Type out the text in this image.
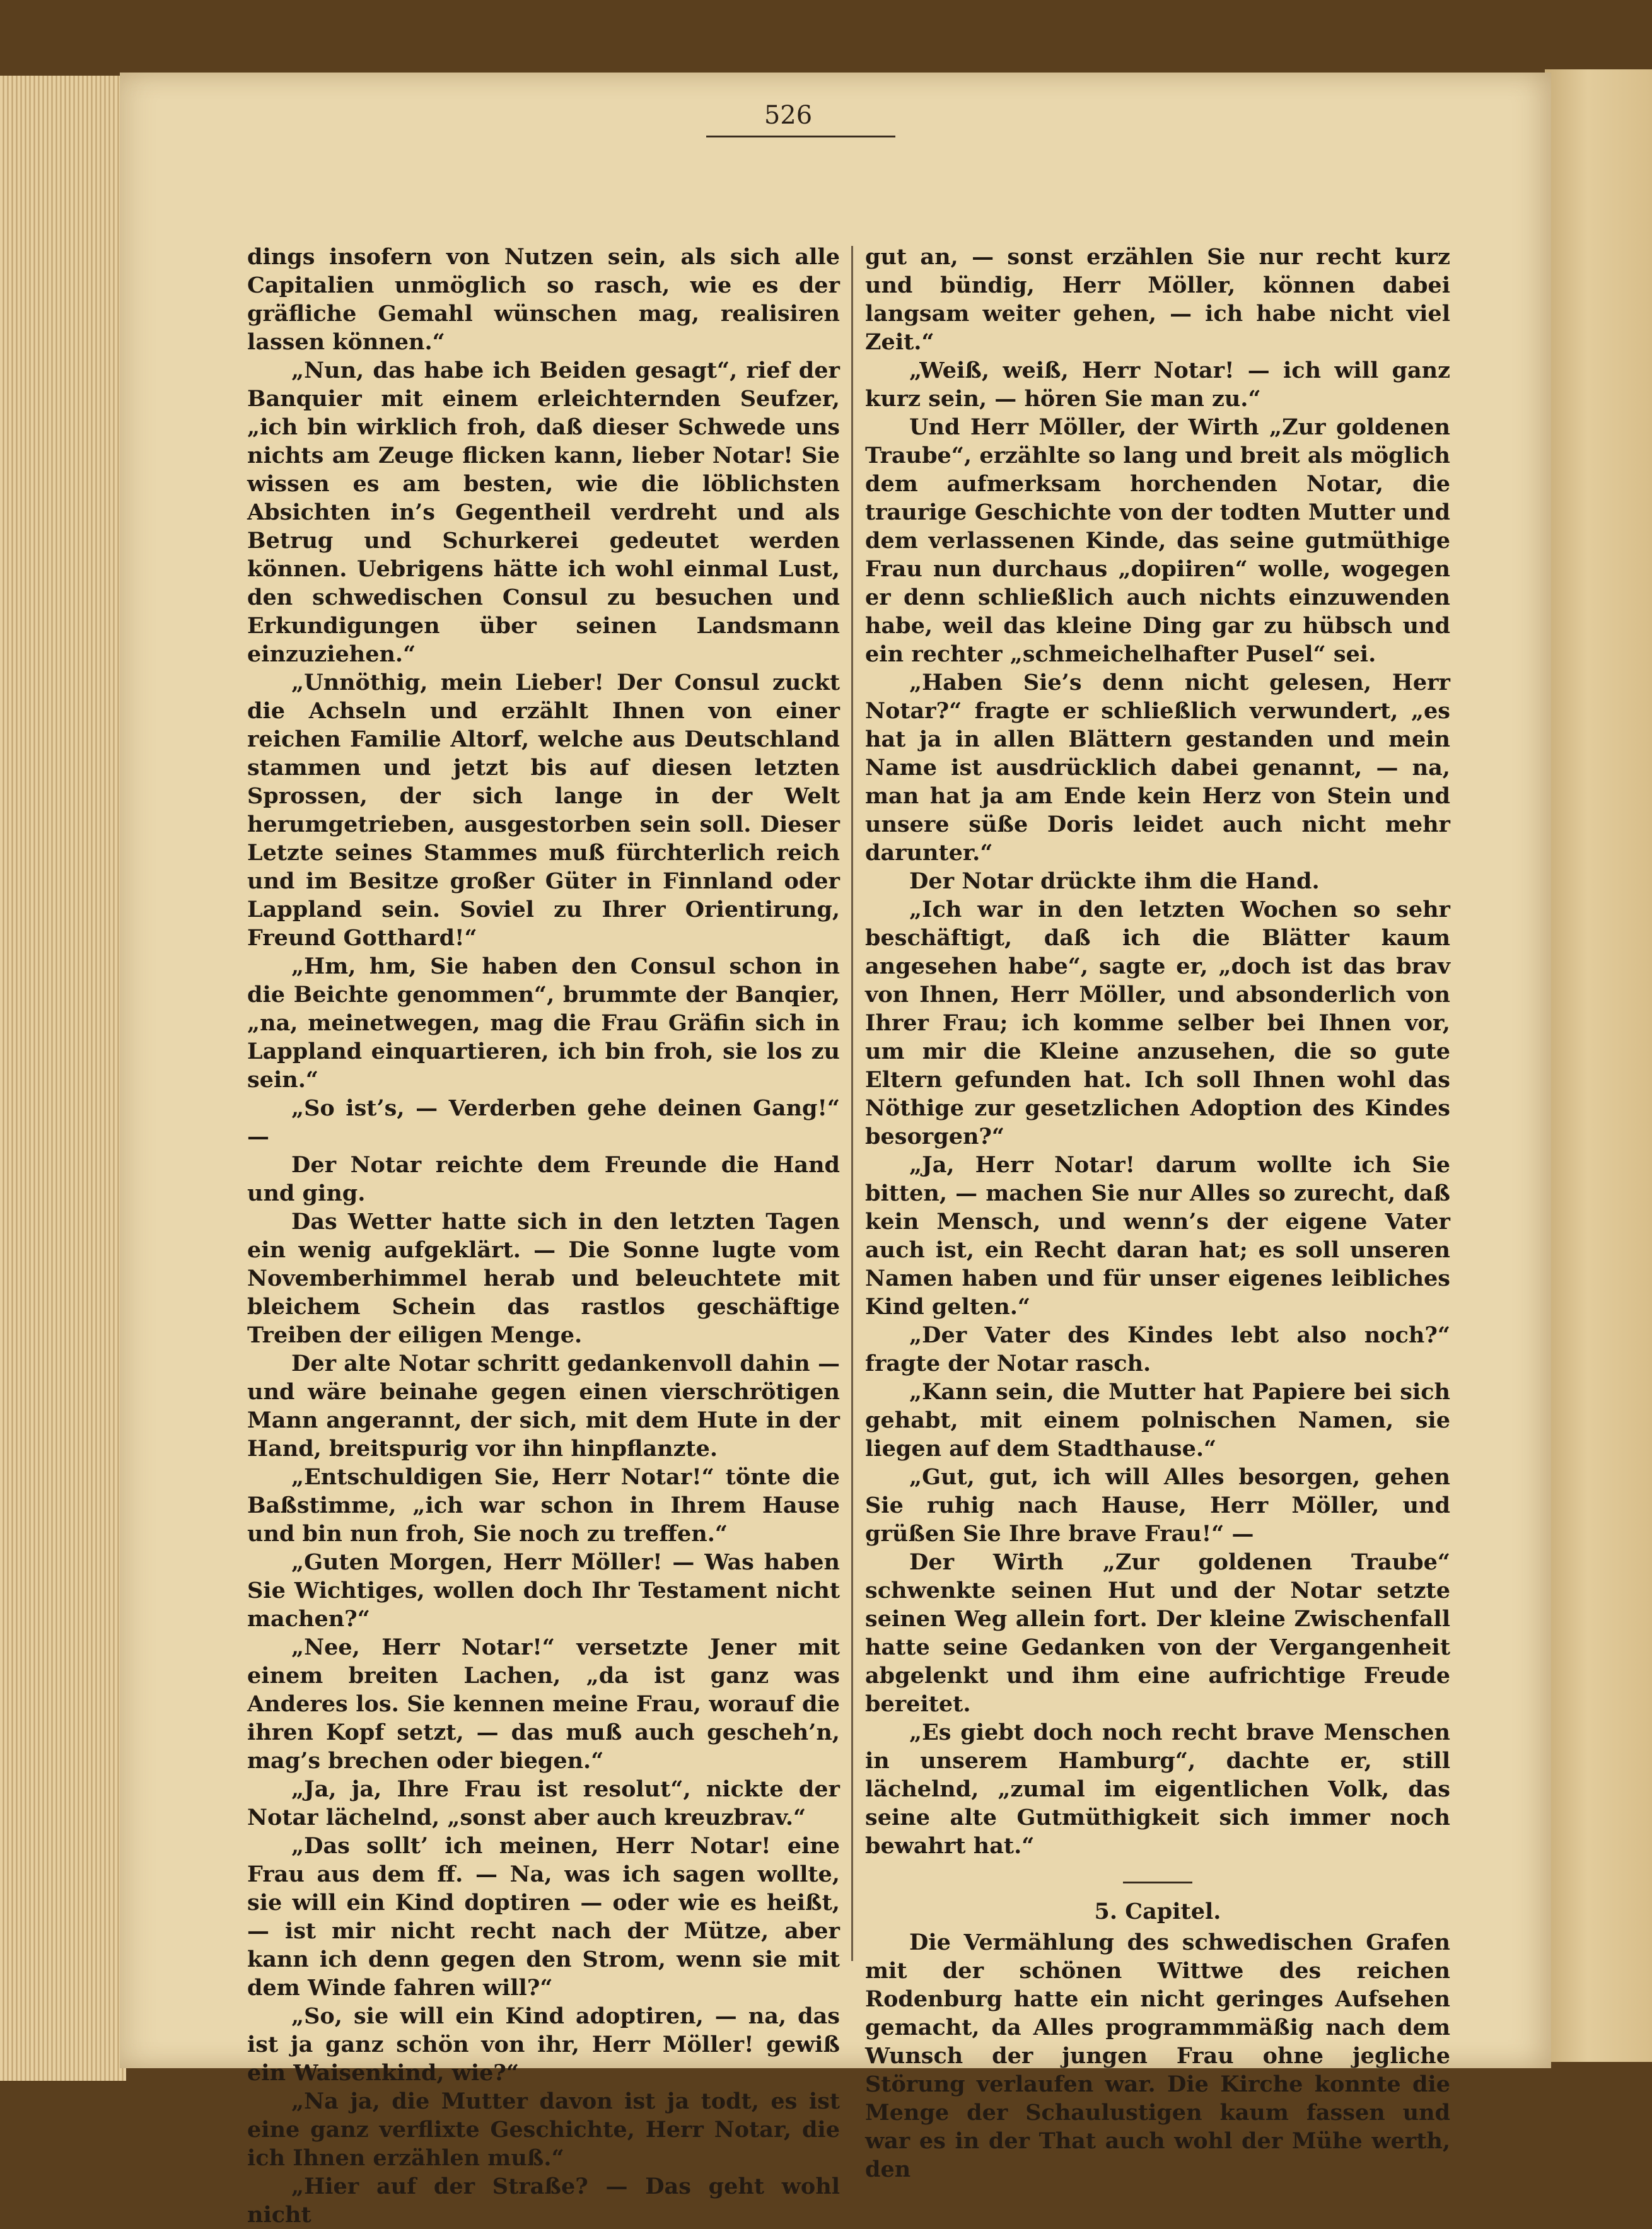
526

dings insofern von Nutzen sein, als sich alle Capitalien unmöglich so rasch, wie es der gräfliche Gemahl wünschen mag, realisiren lassen können.“

„Nun, das habe ich Beiden gesagt“, rief der Banquier mit einem erleichternden Seufzer, „ich bin wirklich froh, daß dieser Schwede uns nichts am Zeuge flicken kann, lieber Notar! Sie wissen es am besten, wie die löblichsten Absichten in’s Gegentheil verdreht und als Betrug und Schurkerei gedeutet werden können. Uebrigens hätte ich wohl einmal Lust, den schwedischen Consul zu besuchen und Erkundigungen über seinen Landsmann einzuziehen.“

„Unnöthig, mein Lieber! Der Consul zuckt die Achseln und erzählt Ihnen von einer reichen Familie Altorf, welche aus Deutschland stammen und jetzt bis auf diesen letzten Sprossen, der sich lange in der Welt herumgetrieben, ausgestorben sein soll. Dieser Letzte seines Stammes muß fürchterlich reich und im Besitze großer Güter in Finnland oder Lappland sein. Soviel zu Ihrer Orientirung, Freund Gotthard!“

„Hm, hm, Sie haben den Consul schon in die Beichte genommen“, brummte der Banqier, „na, meinetwegen, mag die Frau Gräfin sich in Lappland einquartieren, ich bin froh, sie los zu sein.“

„So ist’s, — Verderben gehe deinen Gang!“ —

Der Notar reichte dem Freunde die Hand und ging.

Das Wetter hatte sich in den letzten Tagen ein wenig aufgeklärt. — Die Sonne lugte vom Novemberhimmel herab und beleuchtete mit bleichem Schein das rastlos geschäftige Treiben der eiligen Menge.

Der alte Notar schritt gedankenvoll dahin — und wäre beinahe gegen einen vierschrötigen Mann angerannt, der sich, mit dem Hute in der Hand, breitspurig vor ihn hinpflanzte.

„Entschuldigen Sie, Herr Notar!“ tönte die Baßstimme, „ich war schon in Ihrem Hause und bin nun froh, Sie noch zu treffen.“

„Guten Morgen, Herr Möller! — Was haben Sie Wichtiges, wollen doch Ihr Testament nicht machen?“

„Nee, Herr Notar!“ versetzte Jener mit einem breiten Lachen, „da ist ganz was Anderes los. Sie kennen meine Frau, worauf die ihren Kopf setzt, — das muß auch gescheh’n, mag’s brechen oder biegen.“

„Ja, ja, Ihre Frau ist resolut“, nickte der Notar lächelnd, „sonst aber auch kreuzbrav.“

„Das sollt’ ich meinen, Herr Notar! eine Frau aus dem ff. — Na, was ich sagen wollte, sie will ein Kind doptiren — oder wie es heißt, — ist mir nicht recht nach der Mütze, aber kann ich denn gegen den Strom, wenn sie mit dem Winde fahren will?“

„So, sie will ein Kind adoptiren, — na, das ist ja ganz schön von ihr, Herr Möller! gewiß ein Waisenkind, wie?“

„Na ja, die Mutter davon ist ja todt, es ist eine ganz verflixte Geschichte, Herr Notar, die ich Ihnen erzählen muß.“

„Hier auf der Straße? — Das geht wohl nicht

gut an, — sonst erzählen Sie nur recht kurz und bündig, Herr Möller, können dabei langsam weiter gehen, — ich habe nicht viel Zeit.“

„Weiß, weiß, Herr Notar! — ich will ganz kurz sein, — hören Sie man zu.“

Und Herr Möller, der Wirth „Zur goldenen Traube“, erzählte so lang und breit als möglich dem aufmerksam horchenden Notar, die traurige Geschichte von der todten Mutter und dem verlassenen Kinde, das seine gutmüthige Frau nun durchaus „dopiiren“ wolle, wogegen er denn schließlich auch nichts einzuwenden habe, weil das kleine Ding gar zu hübsch und ein rechter „schmeichelhafter Pusel“ sei.

„Haben Sie’s denn nicht gelesen, Herr Notar?“ fragte er schließlich verwundert, „es hat ja in allen Blättern gestanden und mein Name ist ausdrücklich dabei genannt, — na, man hat ja am Ende kein Herz von Stein und unsere süße Doris leidet auch nicht mehr darunter.“

Der Notar drückte ihm die Hand.

„Ich war in den letzten Wochen so sehr beschäftigt, daß ich die Blätter kaum angesehen habe“, sagte er, „doch ist das brav von Ihnen, Herr Möller, und absonderlich von Ihrer Frau; ich komme selber bei Ihnen vor, um mir die Kleine anzusehen, die so gute Eltern gefunden hat. Ich soll Ihnen wohl das Nöthige zur gesetzlichen Adoption des Kindes besorgen?“

„Ja, Herr Notar! darum wollte ich Sie bitten, — machen Sie nur Alles so zurecht, daß kein Mensch, und wenn’s der eigene Vater auch ist, ein Recht daran hat; es soll unseren Namen haben und für unser eigenes leibliches Kind gelten.“

„Der Vater des Kindes lebt also noch?“ fragte der Notar rasch.

„Kann sein, die Mutter hat Papiere bei sich gehabt, mit einem polnischen Namen, sie liegen auf dem Stadthause.“

„Gut, gut, ich will Alles besorgen, gehen Sie ruhig nach Hause, Herr Möller, und grüßen Sie Ihre brave Frau!“ —

Der Wirth „Zur goldenen Traube“ schwenkte seinen Hut und der Notar setzte seinen Weg allein fort. Der kleine Zwischenfall hatte seine Gedanken von der Vergangenheit abgelenkt und ihm eine aufrichtige Freude bereitet.

„Es giebt doch noch recht brave Menschen in unserem Hamburg“, dachte er, still lächelnd, „zumal im eigentlichen Volk, das seine alte Gutmüthigkeit sich immer noch bewahrt hat.“

5. Capitel.

Die Vermählung des schwedischen Grafen mit der schönen Wittwe des reichen Rodenburg hatte ein nicht geringes Aufsehen gemacht, da Alles programmmäßig nach dem Wunsch der jungen Frau ohne jegliche Störung verlaufen war. Die Kirche konnte die Menge der Schaulustigen kaum fassen und war es in der That auch wohl der Mühe werth, den
